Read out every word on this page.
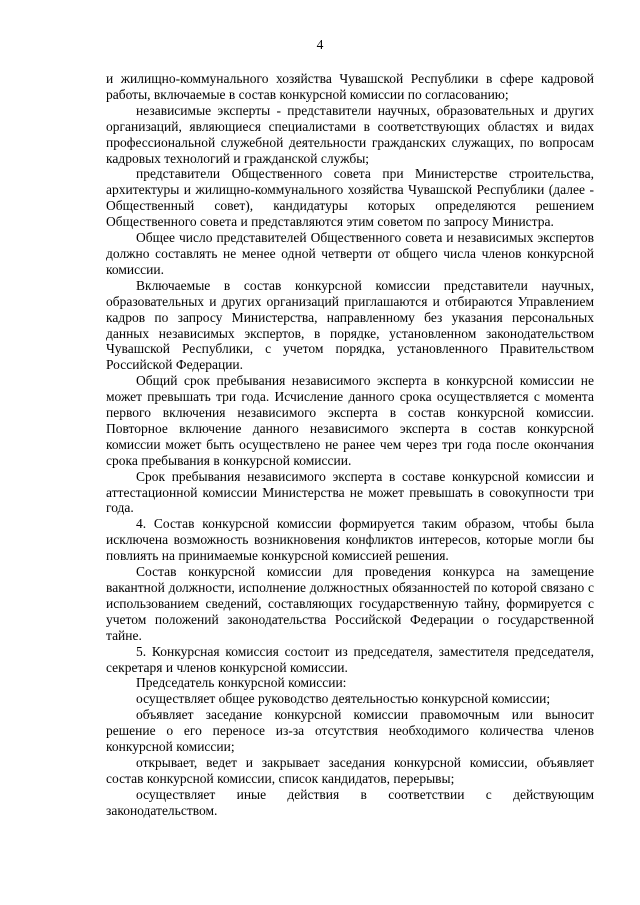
4

и жилищно-коммунального хозяйства Чувашской Республики в сфере кадровой работы, включаемые в состав конкурсной комиссии по согласованию;

независимые эксперты - представители научных, образовательных и других организаций, являющиеся специалистами в соответствующих областях и видах профессиональной служебной деятельности гражданских служащих, по вопросам кадровых технологий и гражданской службы;

представители Общественного совета при Министерстве строительства, архитектуры и жилищно-коммунального хозяйства Чувашской Республики (далее - Общественный совет), кандидатуры которых определяются решением Общественного совета и представляются этим советом по запросу Министра.

Общее число представителей Общественного совета и независимых экспертов должно составлять не менее одной четверти от общего числа членов конкурсной комиссии.

Включаемые в состав конкурсной комиссии представители научных, образовательных и других организаций приглашаются и отбираются Управлением кадров по запросу Министерства, направленному без указания персональных данных независимых экспертов, в порядке, установленном законодательством Чувашской Республики, с учетом порядка, установленного Правительством Российской Федерации.

Общий срок пребывания независимого эксперта в конкурсной комиссии не может превышать три года. Исчисление данного срока осуществляется с момента первого включения независимого эксперта в состав конкурсной комиссии. Повторное включение данного независимого эксперта в состав конкурсной комиссии может быть осуществлено не ранее чем через три года после окончания срока пребывания в конкурсной комиссии.

Срок пребывания независимого эксперта в составе конкурсной комиссии и аттестационной комиссии Министерства не может превышать в совокупности три года.

4. Состав конкурсной комиссии формируется таким образом, чтобы была исключена возможность возникновения конфликтов интересов, которые могли бы повлиять на принимаемые конкурсной комиссией решения.

Состав конкурсной комиссии для проведения конкурса на замещение вакантной должности, исполнение должностных обязанностей по которой связано с использованием сведений, составляющих государственную тайну, формируется с учетом положений законодательства Российской Федерации о государственной тайне.

5. Конкурсная комиссия состоит из председателя, заместителя председателя, секретаря и членов конкурсной комиссии.

Председатель конкурсной комиссии:

осуществляет общее руководство деятельностью конкурсной комиссии;

объявляет заседание конкурсной комиссии правомочным или выносит решение о его переносе из-за отсутствия необходимого количества членов конкурсной комиссии;

открывает, ведет и закрывает заседания конкурсной комиссии, объявляет состав конкурсной комиссии, список кандидатов, перерывы;

осуществляет иные действия в соответствии с действующим законодательством.
